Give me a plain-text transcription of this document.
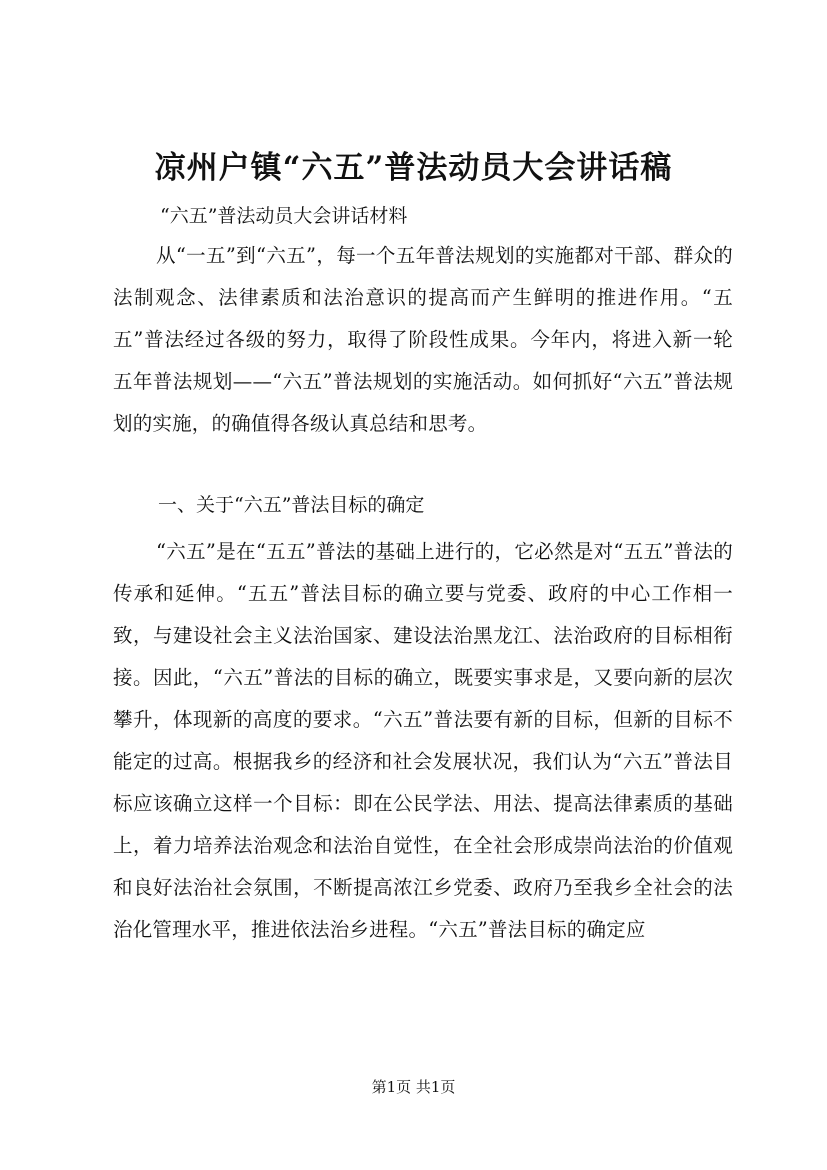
凉州户镇“六五”普法动员大会讲话稿
“六五”普法动员大会讲话材料

从“一五”到“六五”，每一个五年普法规划的实施都对干部、群众的法制观念、法律素质和法治意识的提高而产生鲜明的推进作用。“五五”普法经过各级的努力，取得了阶段性成果。今年内，将进入新一轮五年普法规划——“六五”普法规划的实施活动。如何抓好“六五”普法规划的实施，的确值得各级认真总结和思考。

一、关于“六五”普法目标的确定

“六五”是在“五五”普法的基础上进行的，它必然是对“五五”普法的传承和延伸。“五五”普法目标的确立要与党委、政府的中心工作相一致，与建设社会主义法治国家、建设法治黑龙江、法治政府的目标相衔接。因此，“六五”普法的目标的确立，既要实事求是，又要向新的层次攀升，体现新的高度的要求。“六五”普法要有新的目标，但新的目标不能定的过高。根据我乡的经济和社会发展状况，我们认为“六五”普法目标应该确立这样一个目标：即在公民学法、用法、提高法律素质的基础上，着力培养法治观念和法治自觉性，在全社会形成崇尚法治的价值观和良好法治社会氛围，不断提高浓江乡党委、政府乃至我乡全社会的法治化管理水平，推进依法治乡进程。“六五”普法目标的确定应

第1页 共1页
